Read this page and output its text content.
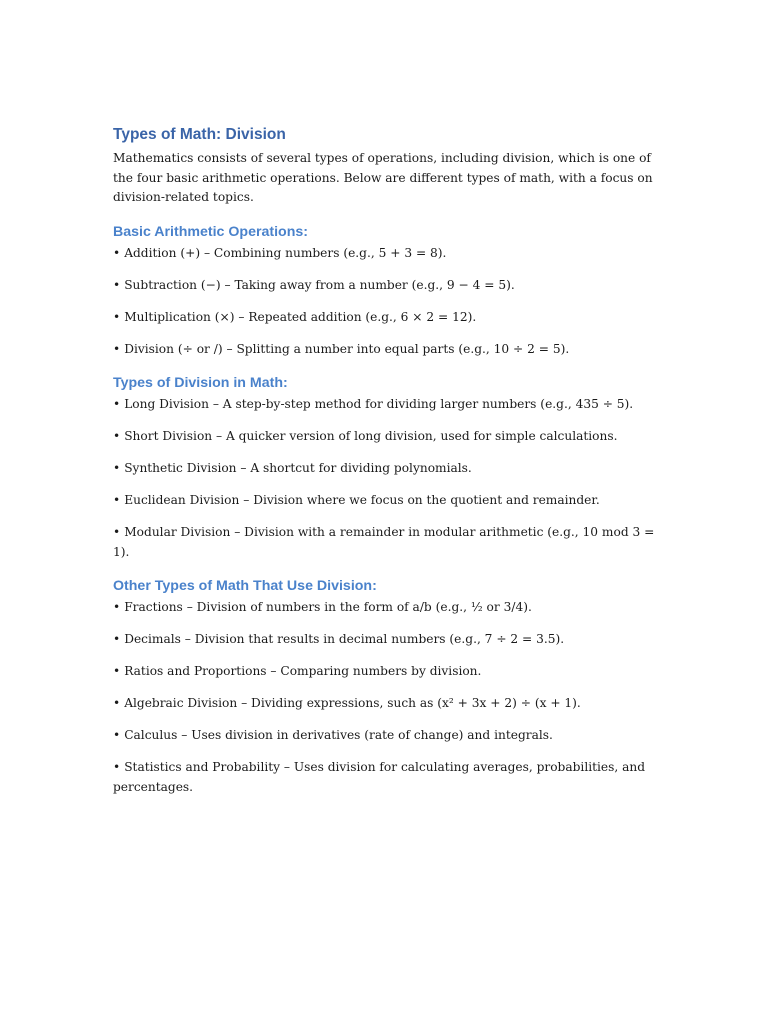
Types of Math: Division

Mathematics consists of several types of operations, including division, which is one of the four basic arithmetic operations. Below are different types of math, with a focus on division-related topics.

Basic Arithmetic Operations:

• Addition (+) – Combining numbers (e.g., 5 + 3 = 8).

• Subtraction (−) – Taking away from a number (e.g., 9 − 4 = 5).

• Multiplication (×) – Repeated addition (e.g., 6 × 2 = 12).

• Division (÷ or /) – Splitting a number into equal parts (e.g., 10 ÷ 2 = 5).

Types of Division in Math:

• Long Division – A step-by-step method for dividing larger numbers (e.g., 435 ÷ 5).

• Short Division – A quicker version of long division, used for simple calculations.

• Synthetic Division – A shortcut for dividing polynomials.

• Euclidean Division – Division where we focus on the quotient and remainder.

• Modular Division – Division with a remainder in modular arithmetic (e.g., 10 mod 3 = 1).

Other Types of Math That Use Division:

• Fractions – Division of numbers in the form of a/b (e.g., ½ or 3/4).

• Decimals – Division that results in decimal numbers (e.g., 7 ÷ 2 = 3.5).

• Ratios and Proportions – Comparing numbers by division.

• Algebraic Division – Dividing expressions, such as (x² + 3x + 2) ÷ (x + 1).

• Calculus – Uses division in derivatives (rate of change) and integrals.

• Statistics and Probability – Uses division for calculating averages, probabilities, and percentages.
